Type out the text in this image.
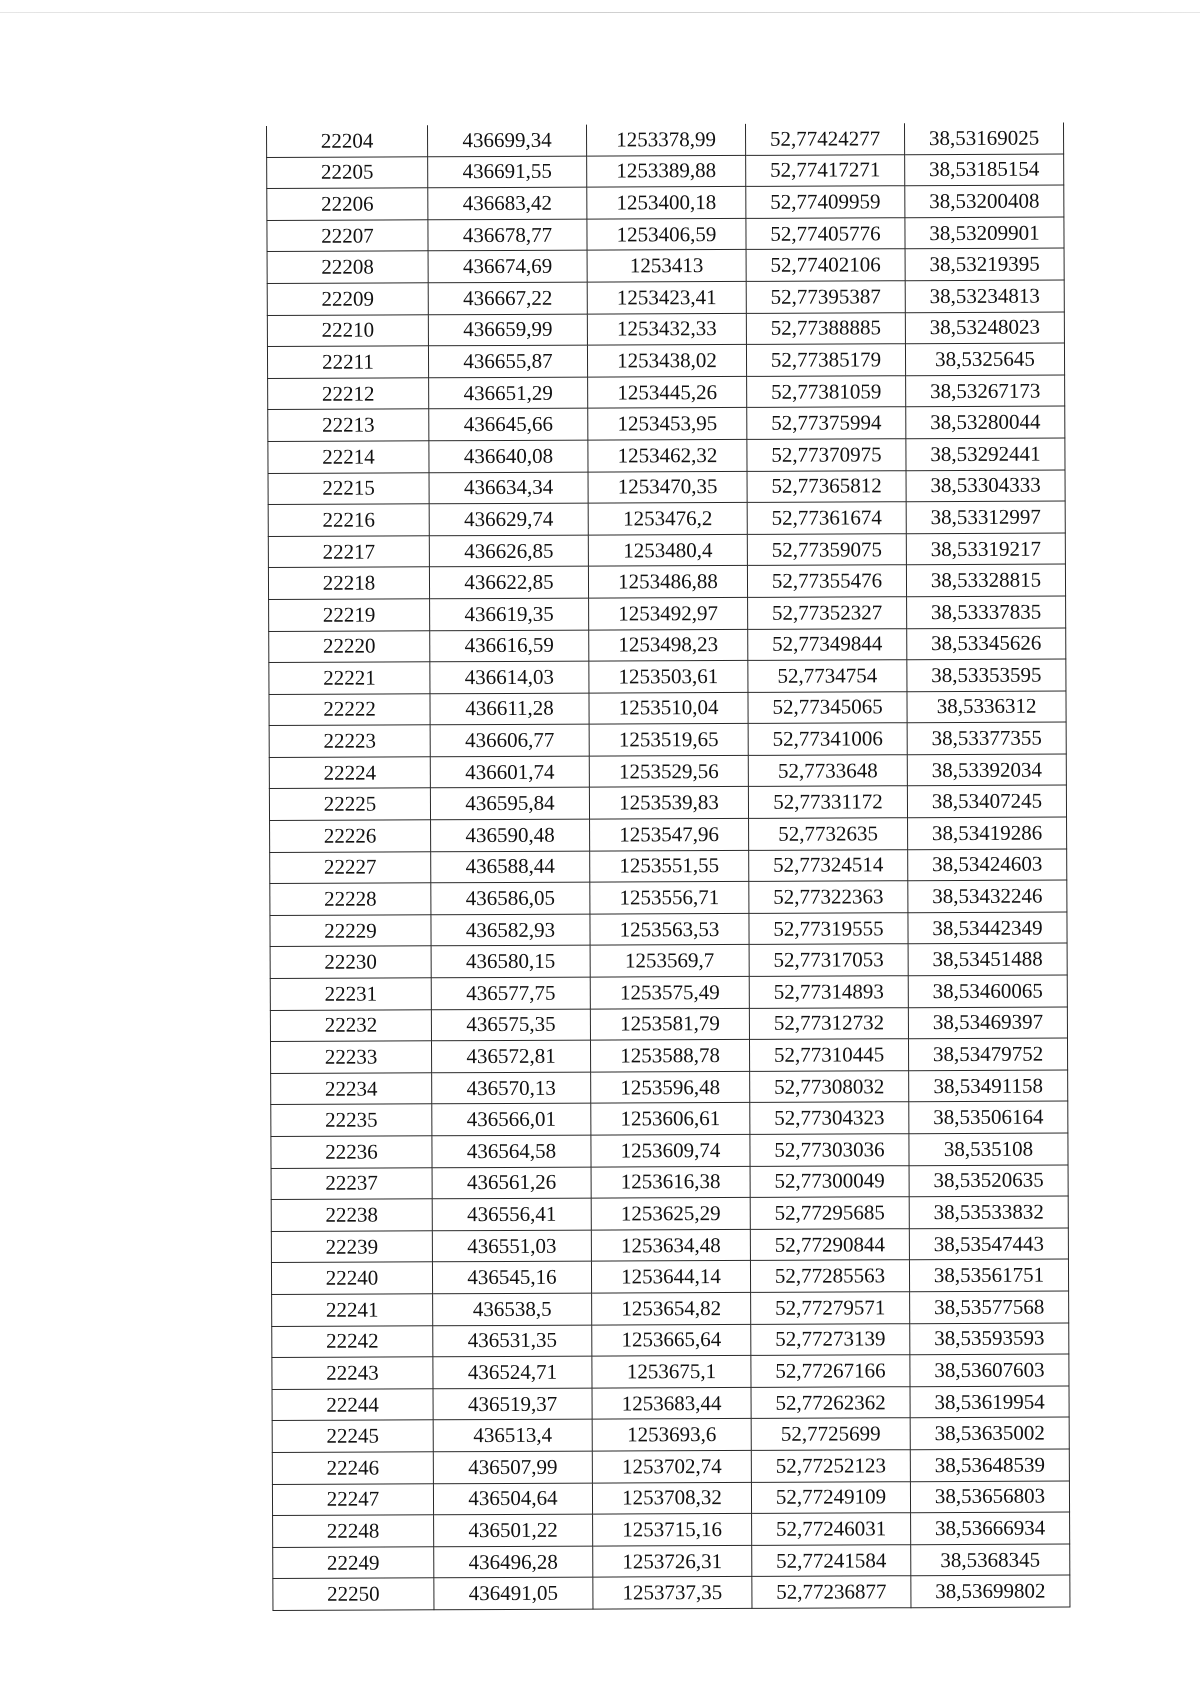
22204	436699,34	1253378,99	52,77424277	38,53169025
22205	436691,55	1253389,88	52,77417271	38,53185154
22206	436683,42	1253400,18	52,77409959	38,53200408
22207	436678,77	1253406,59	52,77405776	38,53209901
22208	436674,69	1253413	52,77402106	38,53219395
22209	436667,22	1253423,41	52,77395387	38,53234813
22210	436659,99	1253432,33	52,77388885	38,53248023
22211	436655,87	1253438,02	52,77385179	38,5325645
22212	436651,29	1253445,26	52,77381059	38,53267173
22213	436645,66	1253453,95	52,77375994	38,53280044
22214	436640,08	1253462,32	52,77370975	38,53292441
22215	436634,34	1253470,35	52,77365812	38,53304333
22216	436629,74	1253476,2	52,77361674	38,53312997
22217	436626,85	1253480,4	52,77359075	38,53319217
22218	436622,85	1253486,88	52,77355476	38,53328815
22219	436619,35	1253492,97	52,77352327	38,53337835
22220	436616,59	1253498,23	52,77349844	38,53345626
22221	436614,03	1253503,61	52,7734754	38,53353595
22222	436611,28	1253510,04	52,77345065	38,5336312
22223	436606,77	1253519,65	52,77341006	38,53377355
22224	436601,74	1253529,56	52,7733648	38,53392034
22225	436595,84	1253539,83	52,77331172	38,53407245
22226	436590,48	1253547,96	52,7732635	38,53419286
22227	436588,44	1253551,55	52,77324514	38,53424603
22228	436586,05	1253556,71	52,77322363	38,53432246
22229	436582,93	1253563,53	52,77319555	38,53442349
22230	436580,15	1253569,7	52,77317053	38,53451488
22231	436577,75	1253575,49	52,77314893	38,53460065
22232	436575,35	1253581,79	52,77312732	38,53469397
22233	436572,81	1253588,78	52,77310445	38,53479752
22234	436570,13	1253596,48	52,77308032	38,53491158
22235	436566,01	1253606,61	52,77304323	38,53506164
22236	436564,58	1253609,74	52,77303036	38,535108
22237	436561,26	1253616,38	52,77300049	38,53520635
22238	436556,41	1253625,29	52,77295685	38,53533832
22239	436551,03	1253634,48	52,77290844	38,53547443
22240	436545,16	1253644,14	52,77285563	38,53561751
22241	436538,5	1253654,82	52,77279571	38,53577568
22242	436531,35	1253665,64	52,77273139	38,53593593
22243	436524,71	1253675,1	52,77267166	38,53607603
22244	436519,37	1253683,44	52,77262362	38,53619954
22245	436513,4	1253693,6	52,7725699	38,53635002
22246	436507,99	1253702,74	52,77252123	38,53648539
22247	436504,64	1253708,32	52,77249109	38,53656803
22248	436501,22	1253715,16	52,77246031	38,53666934
22249	436496,28	1253726,31	52,77241584	38,5368345
22250	436491,05	1253737,35	52,77236877	38,53699802
